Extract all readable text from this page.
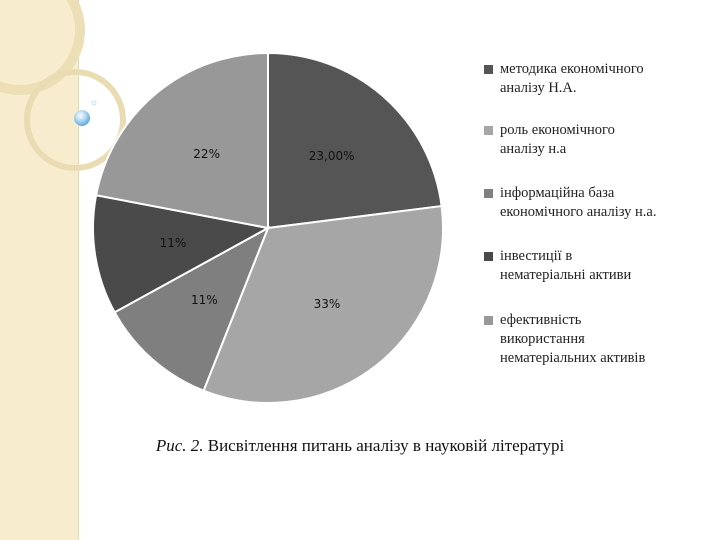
23,00%
33%
11%
11%
22%
методика економічного
аналізу Н.А.
роль економічного
аналізу н.а
інформаційна база
економічного аналізу н.а.
інвестиції в
нематеріальні активи
ефективність
використання
нематеріальних активів
Рис. 2. Висвітлення питань аналізу в науковій літературі
